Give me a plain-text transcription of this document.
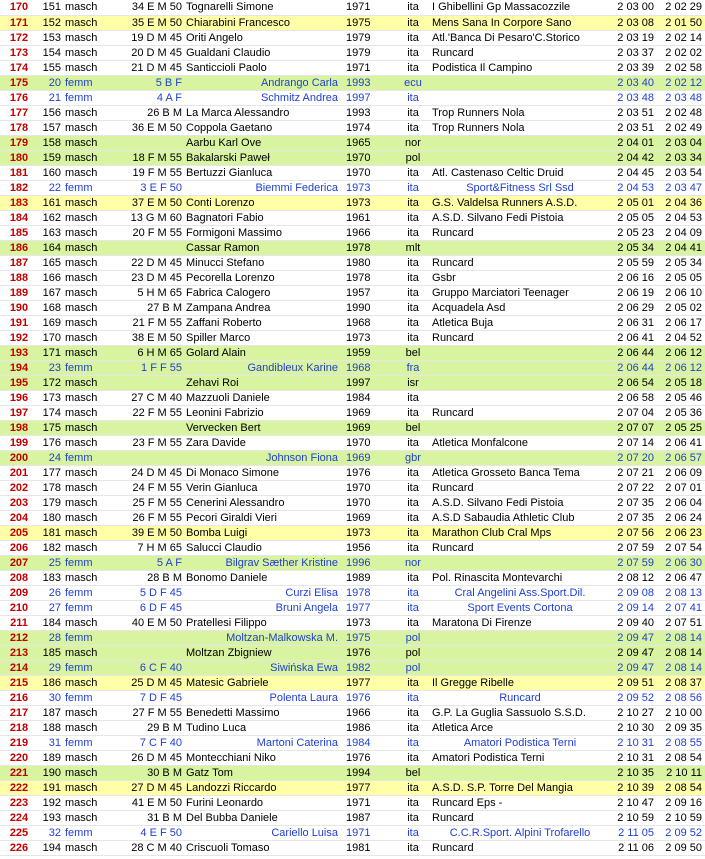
170	151	masch	34 E M 50	Tognarelli Simone	1971	ita	I Ghibellini Gp Massacozzile	2 03 00	2 02 29
171	152	masch	35 E M 50	Chiarabini Francesco	1975	ita	Mens Sana In Corpore Sano	2 03 08	2 01 50
172	153	masch	19 D M 45	Oriti Angelo	1979	ita	Atl.'Banca Di Pesaro'C.Storico	2 03 19	2 02 14
173	154	masch	20 D M 45	Gualdani Claudio	1979	ita	Runcard	2 03 37	2 02 02
174	155	masch	21 D M 45	Santiccioli Paolo	1971	ita	Podistica Il Campino	2 03 39	2 02 58
175	20	femm	5 B F	Andrango Carla	1993	ecu		2 03 40	2 02 12
176	21	femm	4 A F	Schmitz Andrea	1997	ita		2 03 48	2 03 48
177	156	masch	26 B M	La Marca Alessandro	1993	ita	Trop Runners Nola	2 03 51	2 02 48
178	157	masch	36 E M 50	Coppola Gaetano	1974	ita	Trop Runners Nola	2 03 51	2 02 49
179	158	masch		Aarbu Karl Ove	1965	nor		2 04 01	2 03 04
180	159	masch	18 F M 55	Bakalarski Paweł	1970	pol		2 04 42	2 03 34
181	160	masch	19 F M 55	Bertuzzi Gianluca	1970	ita	Atl. Castenaso Celtic Druid	2 04 45	2 03 54
182	22	femm	3 E F 50	Biemmi Federica	1973	ita	Sport&Fitness Srl Ssd	2 04 53	2 03 47
183	161	masch	37 E M 50	Conti Lorenzo	1973	ita	G.S. Valdelsa Runners A.S.D.	2 05 01	2 04 36
184	162	masch	13 G M 60	Bagnatori Fabio	1961	ita	A.S.D. Silvano Fedi Pistoia	2 05 05	2 04 53
185	163	masch	20 F M 55	Formigoni Massimo	1966	ita	Runcard	2 05 23	2 04 09
186	164	masch		Cassar Ramon	1978	mlt		2 05 34	2 04 41
187	165	masch	22 D M 45	Minucci Stefano	1980	ita	Runcard	2 05 59	2 05 34
188	166	masch	23 D M 45	Pecorella Lorenzo	1978	ita	Gsbr	2 06 16	2 05 05
189	167	masch	5 H M 65	Fabrica Calogero	1957	ita	Gruppo Marciatori Teenager	2 06 19	2 06 10
190	168	masch	27 B M	Zampana Andrea	1990	ita	Acquadela Asd	2 06 29	2 05 02
191	169	masch	21 F M 55	Zaffani Roberto	1968	ita	Atletica Buja	2 06 31	2 06 17
192	170	masch	38 E M 50	Spiller Marco	1973	ita	Runcard	2 06 41	2 04 52
193	171	masch	6 H M 65	Golard Alain	1959	bel		2 06 44	2 06 12
194	23	femm	1 F F 55	Gandibleux Karine	1968	fra		2 06 44	2 06 12
195	172	masch		Zehavi Roi	1997	isr		2 06 54	2 05 18
196	173	masch	27 C M 40	Mazzuoli Daniele	1984	ita		2 06 58	2 05 46
197	174	masch	22 F M 55	Leonini Fabrizio	1969	ita	Runcard	2 07 04	2 05 36
198	175	masch		Vervecken Bert	1969	bel		2 07 07	2 05 25
199	176	masch	23 F M 55	Zara Davide	1970	ita	Atletica Monfalcone	2 07 14	2 06 41
200	24	femm		Johnson Fiona	1969	gbr		2 07 20	2 06 57
201	177	masch	24 D M 45	Di Monaco Simone	1976	ita	Atletica Grosseto Banca Tema	2 07 21	2 06 09
202	178	masch	24 F M 55	Verin Gianluca	1970	ita	Runcard	2 07 22	2 07 01
203	179	masch	25 F M 55	Cenerini Alessandro	1970	ita	A.S.D. Silvano Fedi Pistoia	2 07 35	2 06 04
204	180	masch	26 F M 55	Pecori Giraldi Vieri	1969	ita	A.S.D Sabaudia Athletic Club	2 07 35	2 06 24
205	181	masch	39 E M 50	Bomba Luigi	1973	ita	Marathon Club Cral Mps	2 07 56	2 06 23
206	182	masch	7 H M 65	Salucci Claudio	1956	ita	Runcard	2 07 59	2 07 54
207	25	femm	5 A F	Bilgrav Sæther Kristine	1996	nor		2 07 59	2 06 30
208	183	masch	28 B M	Bonomo Daniele	1989	ita	Pol. Rinascita Montevarchi	2 08 12	2 06 47
209	26	femm	5 D F 45	Curzi Elisa	1978	ita	Cral Angelini Ass.Sport.Dil.	2 09 08	2 08 13
210	27	femm	6 D F 45	Bruni Angela	1977	ita	Sport Events Cortona	2 09 14	2 07 41
211	184	masch	40 E M 50	Pratellesi Filippo	1973	ita	Maratona Di Firenze	2 09 40	2 07 51
212	28	femm		Moltzan-Malkowska M.	1975	pol		2 09 47	2 08 14
213	185	masch		Moltzan Zbigniew	1976	pol		2 09 47	2 08 14
214	29	femm	6 C F 40	Siwińska Ewa	1982	pol		2 09 47	2 08 14
215	186	masch	25 D M 45	Matesic Gabriele	1977	ita	Il Gregge Ribelle	2 09 51	2 08 37
216	30	femm	7 D F 45	Polenta Laura	1976	ita	Runcard	2 09 52	2 08 56
217	187	masch	27 F M 55	Benedetti Massimo	1966	ita	G.P. La Guglia Sassuolo S.S.D.	2 10 27	2 10 00
218	188	masch	29 B M	Tudino Luca	1986	ita	Atletica Arce	2 10 30	2 09 35
219	31	femm	7 C F 40	Martoni Caterina	1984	ita	Amatori Podistica Terni	2 10 31	2 08 55
220	189	masch	26 D M 45	Montecchiani Niko	1976	ita	Amatori Podistica Terni	2 10 31	2 08 54
221	190	masch	30 B M	Gatz Tom	1994	bel		2 10 35	2 10 11
222	191	masch	27 D M 45	Landozzi Riccardo	1977	ita	A.S.D. S.P. Torre Del Mangia	2 10 39	2 08 54
223	192	masch	41 E M 50	Furini Leonardo	1971	ita	Runcard Eps -	2 10 47	2 09 16
224	193	masch	31 B M	Del Bubba Daniele	1987	ita	Runcard	2 10 59	2 10 59
225	32	femm	4 E F 50	Cariello Luisa	1971	ita	C.C.R.Sport. Alpini Trofarello	2 11 05	2 09 52
226	194	masch	28 C M 40	Criscuoli Tomaso	1981	ita	Runcard	2 11 06	2 09 50
